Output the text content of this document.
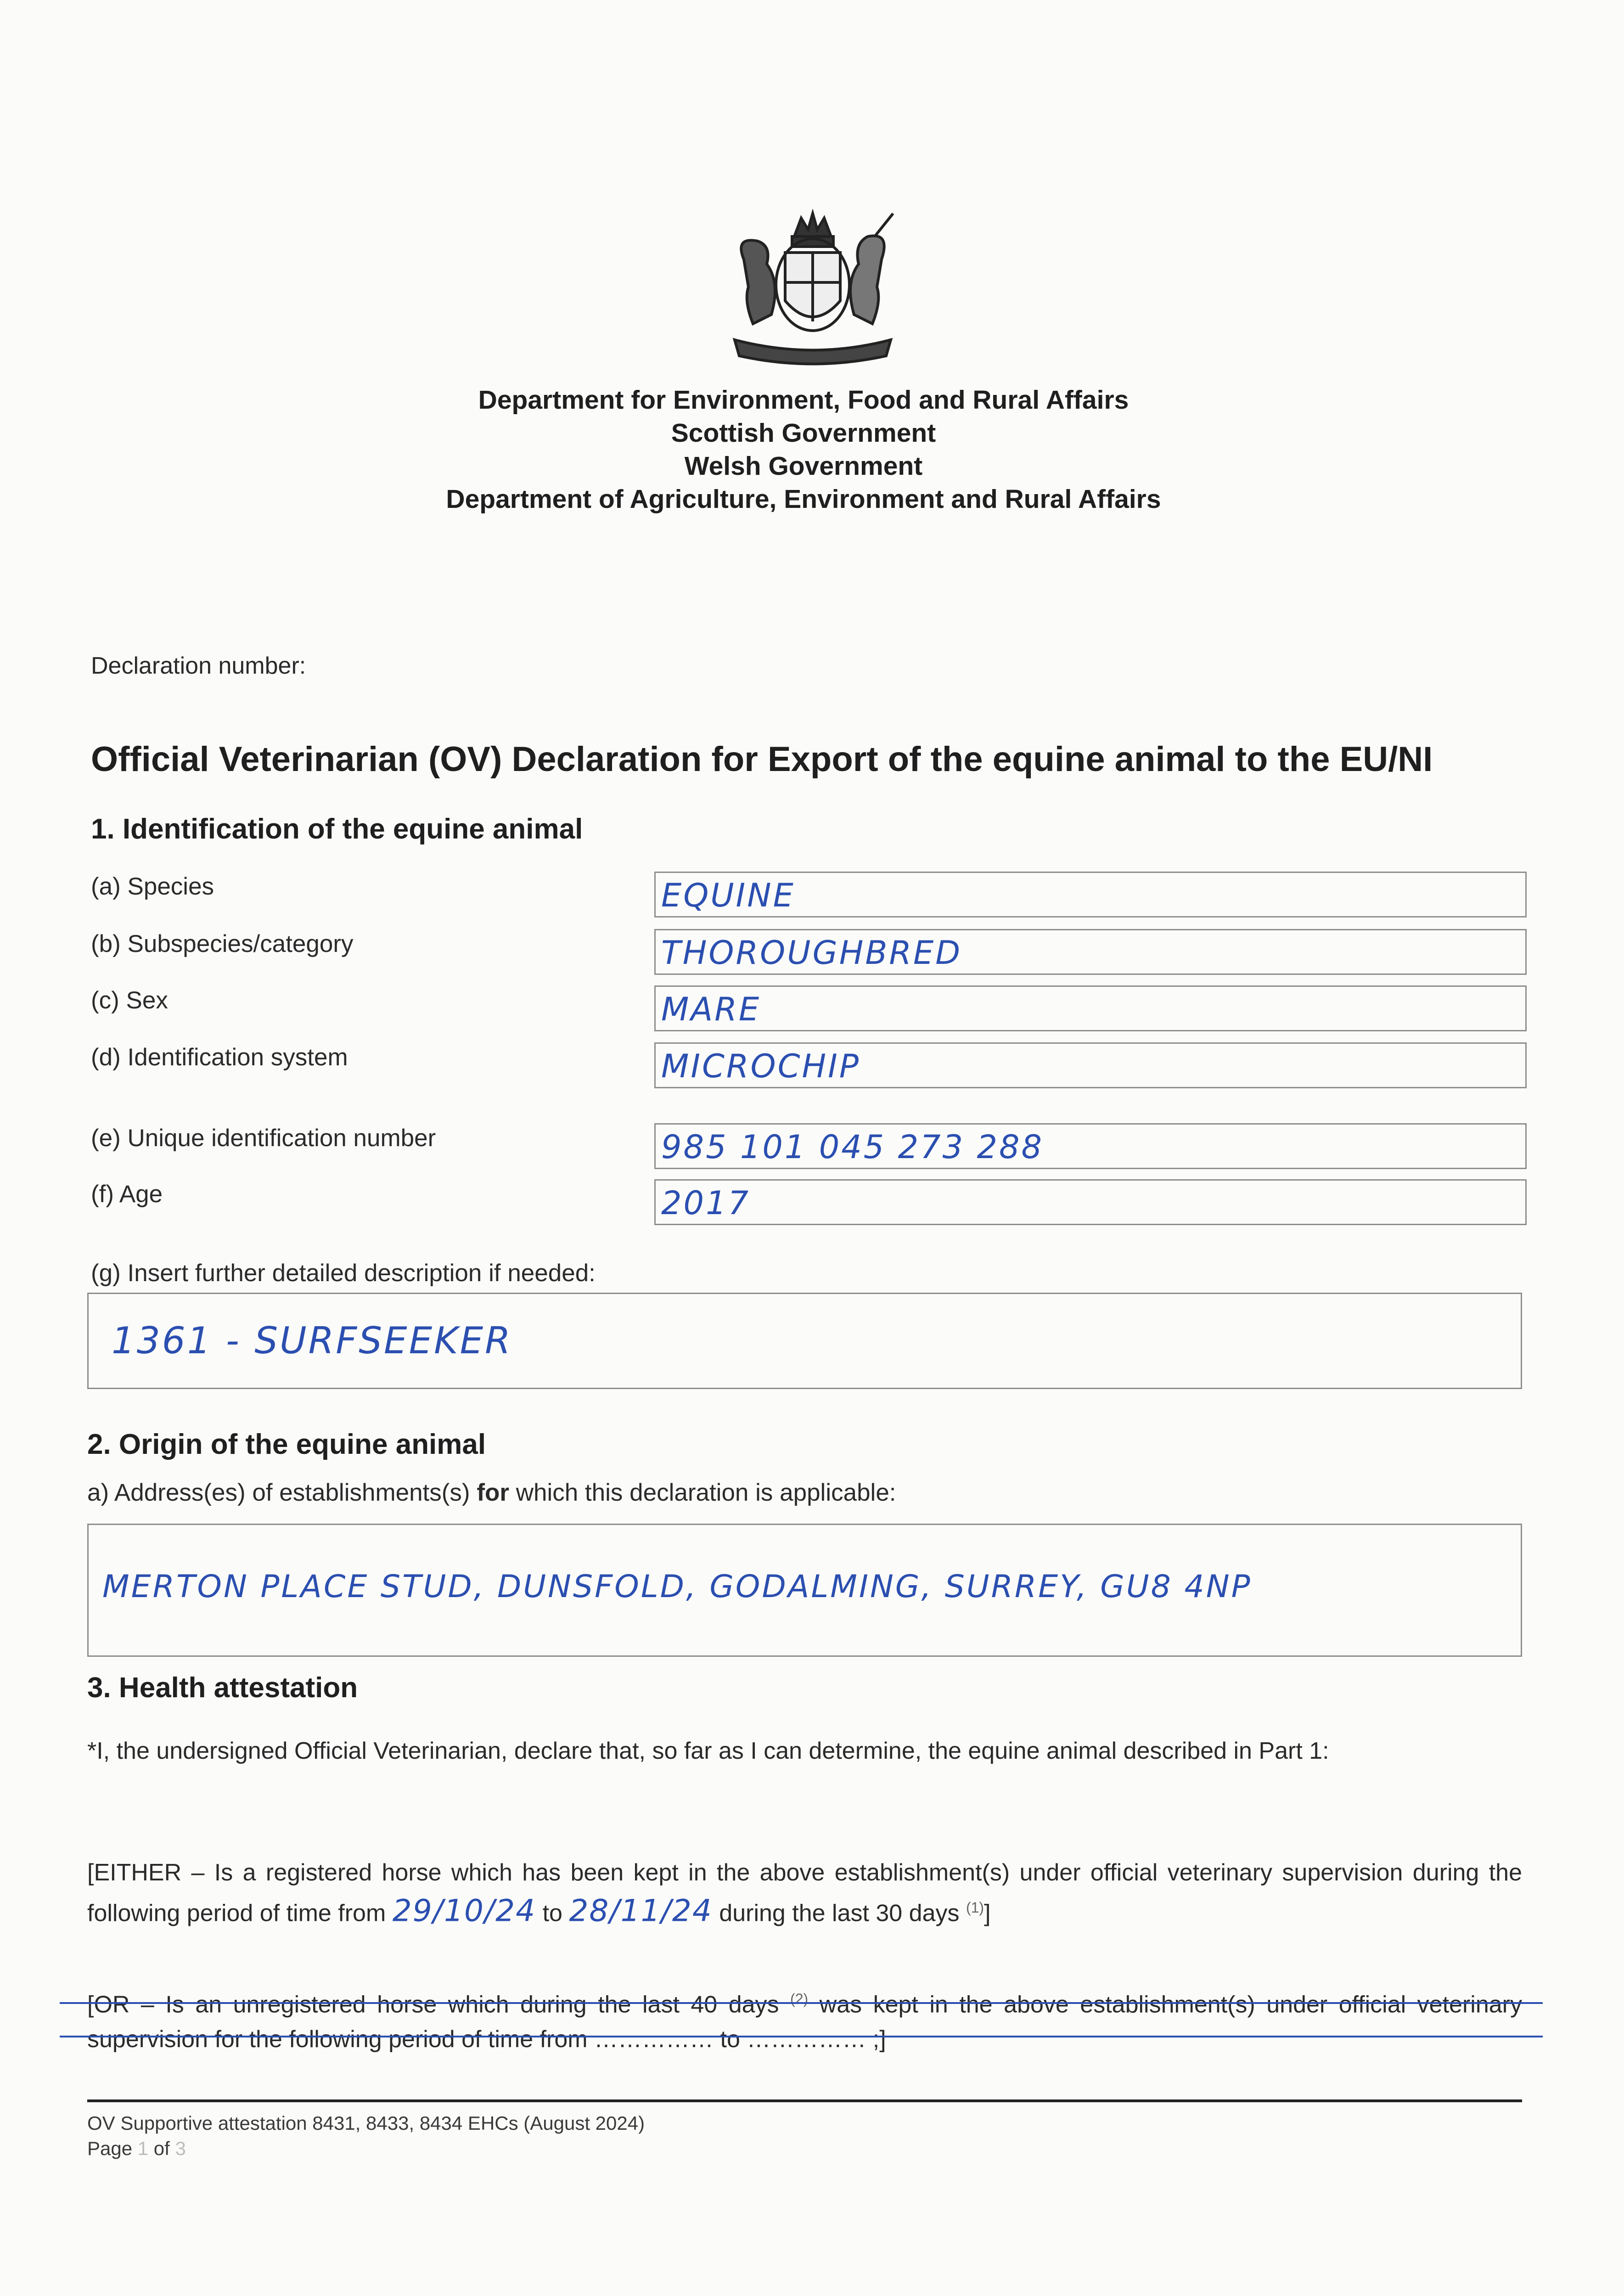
Department for Environment, Food and Rural Affairs
Scottish Government
Welsh Government
Department of Agriculture, Environment and Rural Affairs
Declaration number:
Official Veterinarian (OV) Declaration for Export of the equine animal to the EU/NI
1. Identification of the equine animal
(a) Species	EQUINE
(b) Subspecies/category	THOROUGHBRED
(c) Sex	MARE
(d) Identification system	MICROCHIP
(e) Unique identification number	985 101 045 273 288
(f) Age	2017
(g) Insert further detailed description if needed:
1361 - SURFSEEKER
2. Origin of the equine animal
a) Address(es) of establishments(s) for which this declaration is applicable:
MERTON PLACE STUD, DUNSFOLD, GODALMING, SURREY, GU8 4NP
3. Health attestation
*I, the undersigned Official Veterinarian, declare that, so far as I can determine, the equine animal described in Part 1:
[EITHER – Is a registered horse which has been kept in the above establishment(s) under official veterinary supervision during the following period of time from 29/10/24 to 28/11/24 during the last 30 days $^{(1)}$]
[OR – Is an unregistered horse which during the last 40 days $^{(2)}$ was kept in the above establishment(s) under official veterinary supervision for the following period of time from …………… to …………… ;]
OV Supportive attestation 8431, 8433, 8434 EHCs (August 2024)
Page 1 of 3
